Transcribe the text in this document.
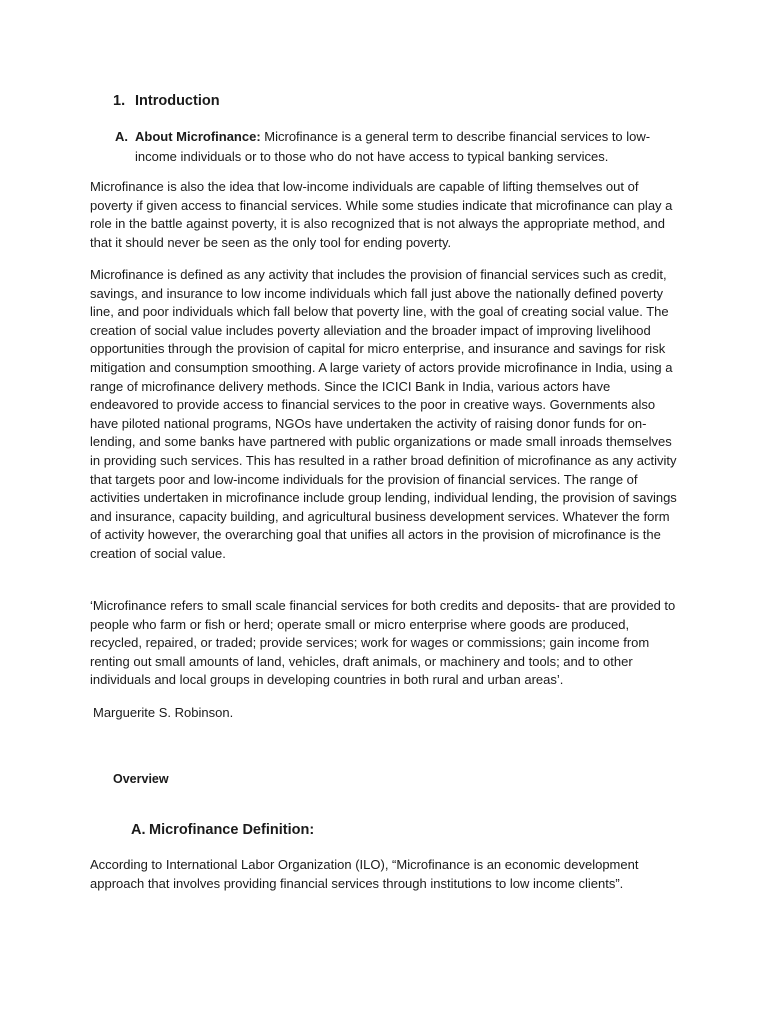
1. Introduction
A. About Microfinance: Microfinance is a general term to describe financial services to low-income individuals or to those who do not have access to typical banking services.

Microfinance is also the idea that low-income individuals are capable of lifting themselves out of poverty if given access to financial services. While some studies indicate that microfinance can play a role in the battle against poverty, it is also recognized that is not always the appropriate method, and that it should never be seen as the only tool for ending poverty.

Microfinance is defined as any activity that includes the provision of financial services such as credit, savings, and insurance to low income individuals which fall just above the nationally defined poverty line, and poor individuals which fall below that poverty line, with the goal of creating social value. The creation of social value includes poverty alleviation and the broader impact of improving livelihood opportunities through the provision of capital for micro enterprise, and insurance and savings for risk mitigation and consumption smoothing. A large variety of actors provide microfinance in India, using a range of microfinance delivery methods. Since the ICICI Bank in India, various actors have endeavored to provide access to financial services to the poor in creative ways. Governments also have piloted national programs, NGOs have undertaken the activity of raising donor funds for on-lending, and some banks have partnered with public organizations or made small inroads themselves in providing such services. This has resulted in a rather broad definition of microfinance as any activity that targets poor and low-income individuals for the provision of financial services. The range of activities undertaken in microfinance include group lending, individual lending, the provision of savings and insurance, capacity building, and agricultural business development services. Whatever the form of activity however, the overarching goal that unifies all actors in the provision of microfinance is the creation of social value.

‘Microfinance refers to small scale financial services for both credits and deposits- that are provided to people who farm or fish or herd; operate small or micro enterprise where goods are produced, recycled, repaired, or traded; provide services; work for wages or commissions; gain income from renting out small amounts of land, vehicles, draft animals, or machinery and tools; and to other individuals and local groups in developing countries in both rural and urban areas’.

Marguerite S. Robinson.

Overview

A. Microfinance Definition:

According to International Labor Organization (ILO), “Microfinance is an economic development approach that involves providing financial services through institutions to low income clients”.
